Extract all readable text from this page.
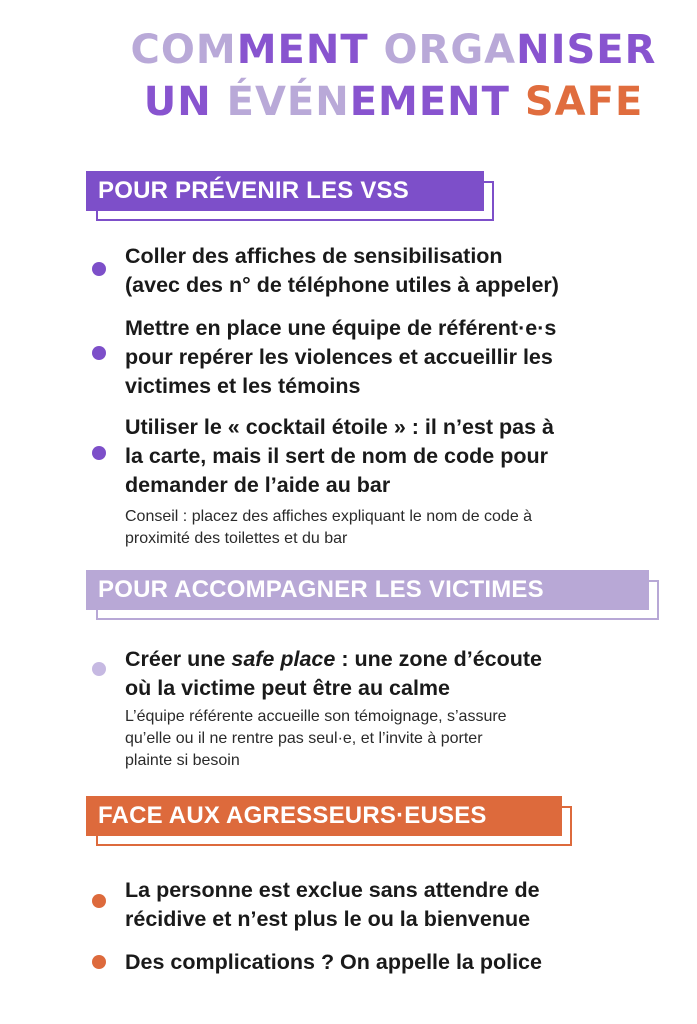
COMMENT ORGANISER
UN ÉVÉNEMENT SAFE
POUR PRÉVENIR LES VSS
Coller des affiches de sensibilisation
(avec des n° de téléphone utiles à appeler)
Mettre en place une équipe de référent·e·s
pour repérer les violences et accueillir les
victimes et les témoins
Utiliser le « cocktail étoile » : il n’est pas à
la carte, mais il sert de nom de code pour
demander de l’aide au bar
Conseil : placez des affiches expliquant le nom de code à
proximité des toilettes et du bar
POUR ACCOMPAGNER LES VICTIMES
Créer une safe place : une zone d’écoute
où la victime peut être au calme
L’équipe référente accueille son témoignage, s’assure
qu’elle ou il ne rentre pas seul·e, et l’invite à porter
plainte si besoin
FACE AUX AGRESSEURS·EUSES
La personne est exclue sans attendre de
récidive et n’est plus le ou la bienvenue
Des complications ? On appelle la police
